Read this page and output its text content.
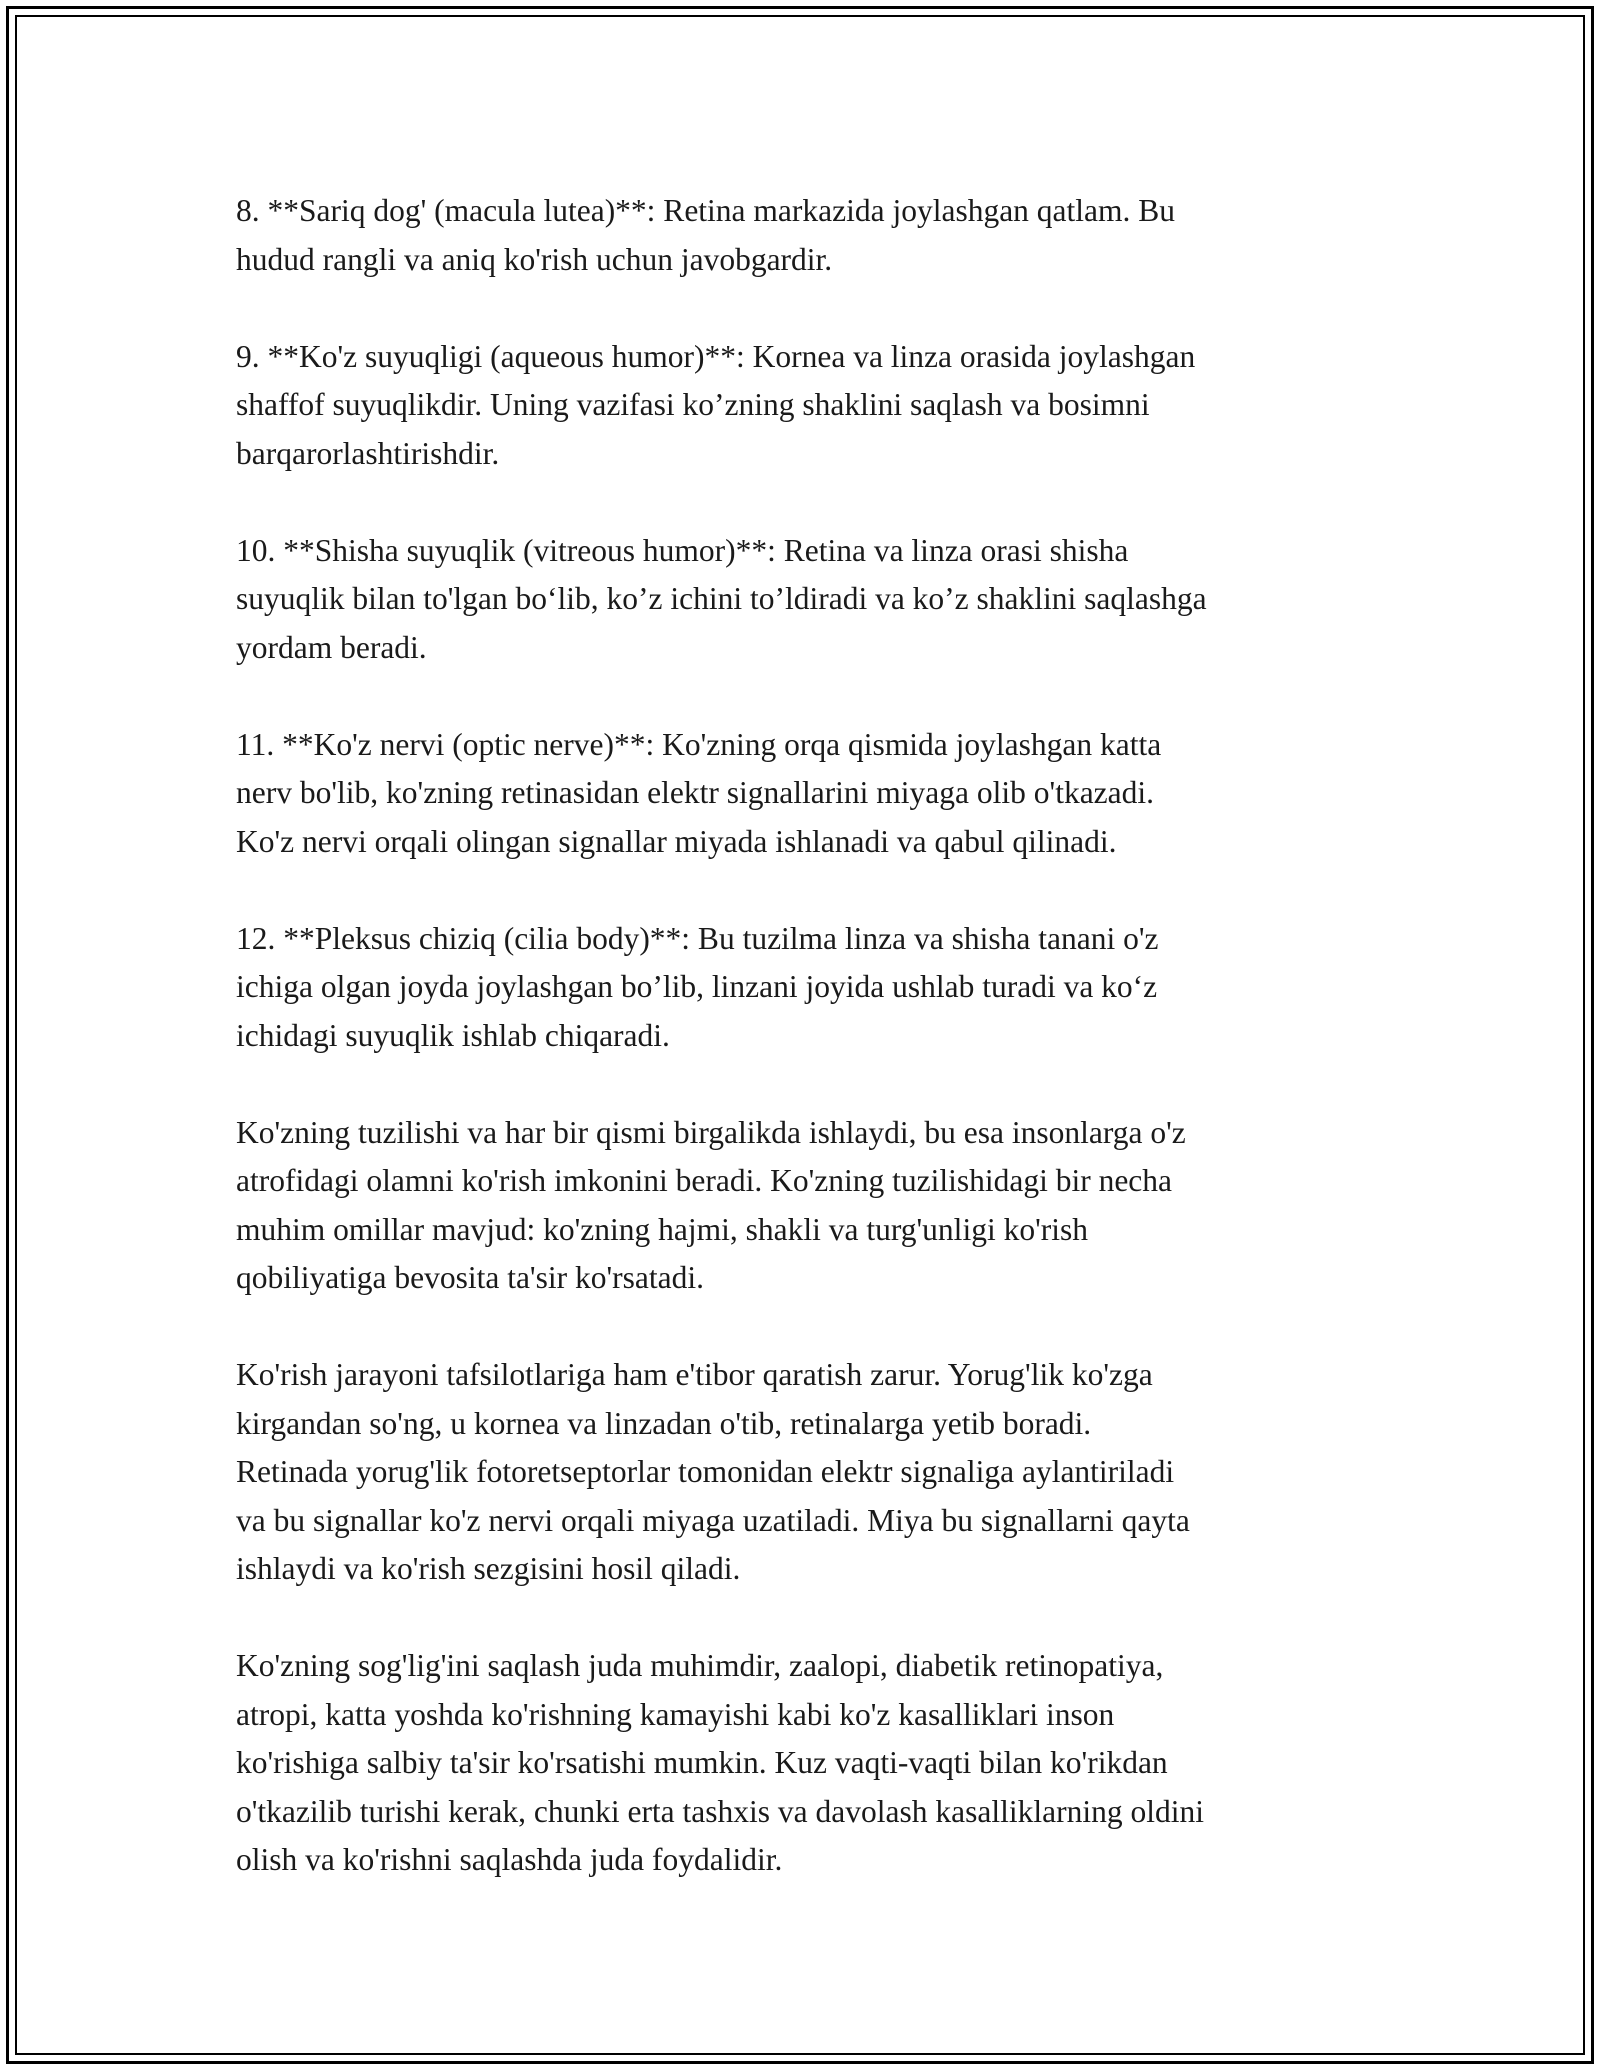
8. **Sariq dog' (macula lutea)**: Retina markazida joylashgan qatlam. Bu
hudud rangli va aniq ko'rish uchun javobgardir.

9. **Ko'z suyuqligi (aqueous humor)**: Kornea va linza orasida joylashgan
shaffof suyuqlikdir. Uning vazifasi ko’zning shaklini saqlash va bosimni
barqarorlashtirishdir.

10. **Shisha suyuqlik (vitreous humor)**: Retina va linza orasi shisha
suyuqlik bilan to'lgan bo‘lib, ko’z ichini to’ldiradi va ko’z shaklini saqlashga
yordam beradi.

11. **Ko'z nervi (optic nerve)**: Ko'zning orqa qismida joylashgan katta
nerv bo'lib, ko'zning retinasidan elektr signallarini miyaga olib o'tkazadi.
Ko'z nervi orqali olingan signallar miyada ishlanadi va qabul qilinadi.

12. **Pleksus chiziq (cilia body)**: Bu tuzilma linza va shisha tanani o'z
ichiga olgan joyda joylashgan bo’lib, linzani joyida ushlab turadi va ko‘z
ichidagi suyuqlik ishlab chiqaradi.

Ko'zning tuzilishi va har bir qismi birgalikda ishlaydi, bu esa insonlarga o'z
atrofidagi olamni ko'rish imkonini beradi. Ko'zning tuzilishidagi bir necha
muhim omillar mavjud: ko'zning hajmi, shakli va turg'unligi ko'rish
qobiliyatiga bevosita ta'sir ko'rsatadi.

Ko'rish jarayoni tafsilotlariga ham e'tibor qaratish zarur. Yorug'lik ko'zga
kirgandan so'ng, u kornea va linzadan o'tib, retinalarga yetib boradi.
Retinada yorug'lik fotoretseptorlar tomonidan elektr signaliga aylantiriladi
va bu signallar ko'z nervi orqali miyaga uzatiladi. Miya bu signallarni qayta
ishlaydi va ko'rish sezgisini hosil qiladi.

Ko'zning sog'lig'ini saqlash juda muhimdir, zaalopi, diabetik retinopatiya,
atropi, katta yoshda ko'rishning kamayishi kabi ko'z kasalliklari inson
ko'rishiga salbiy ta'sir ko'rsatishi mumkin. Kuz vaqti-vaqti bilan ko'rikdan
o'tkazilib turishi kerak, chunki erta tashxis va davolash kasalliklarning oldini
olish va ko'rishni saqlashda juda foydalidir.
